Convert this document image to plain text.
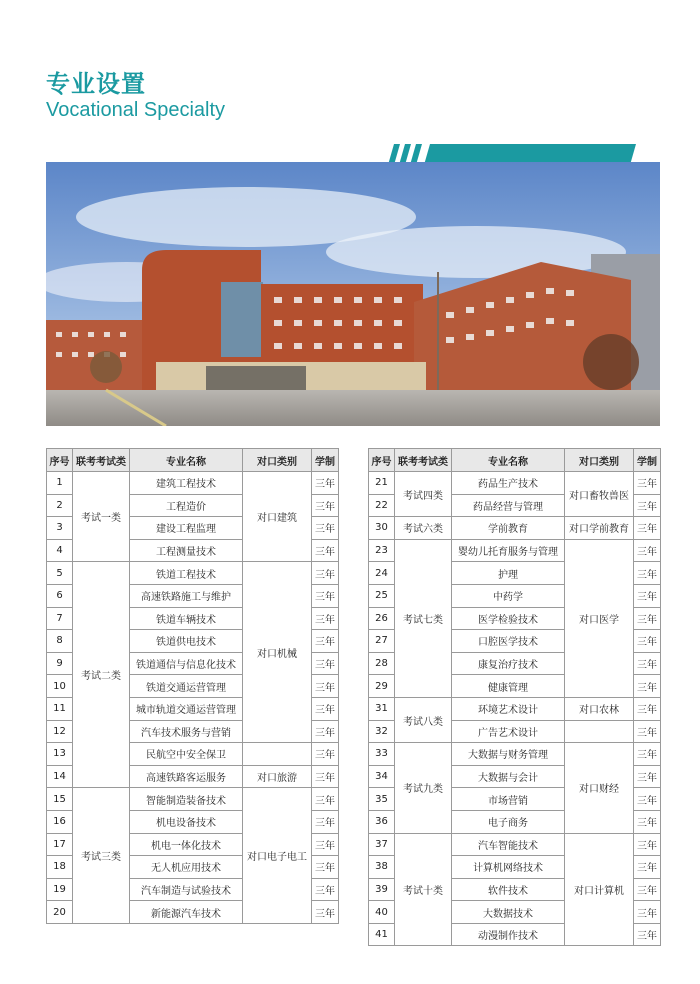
专业设置
Vocational Specialty
序号	联考考试类	专业名称	对口类别	学制
1	考试一类	建筑工程技术	对口建筑	三年
2		工程造价		三年
3		建设工程监理		三年
4		工程测量技术		三年
5	考试二类	铁道工程技术	对口机械	三年
6		高速铁路施工与维护		三年
7		铁道车辆技术		三年
8		铁道供电技术		三年
9		铁道通信与信息化技术		三年
10		铁道交通运营管理		三年
11		城市轨道交通运营管理		三年
12		汽车技术服务与营销		三年
13		民航空中安全保卫		三年
14		高速铁路客运服务	对口旅游	三年
15	考试三类	智能制造装备技术	对口电子电工	三年
16		机电设备技术		三年
17		机电一体化技术		三年
18		无人机应用技术		三年
19		汽车制造与试验技术		三年
20		新能源汽车技术		三年
序号	联考考试类	专业名称	对口类别	学制
21	考试四类	药品生产技术	对口畜牧兽医	三年
22		药品经营与管理		三年
30	考试六类	学前教育	对口学前教育	三年
23	考试七类	婴幼儿托育服务与管理	对口医学	三年
24		护理		三年
25		中药学		三年
26		医学检验技术		三年
27		口腔医学技术		三年
28		康复治疗技术		三年
29		健康管理		三年
31	考试八类	环境艺术设计	对口农林	三年
32		广告艺术设计		三年
33	考试九类	大数据与财务管理	对口财经	三年
34		大数据与会计		三年
35		市场营销		三年
36		电子商务		三年
37	考试十类	汽车智能技术	对口计算机	三年
38		计算机网络技术		三年
39		软件技术		三年
40		大数据技术		三年
41		动漫制作技术		三年
